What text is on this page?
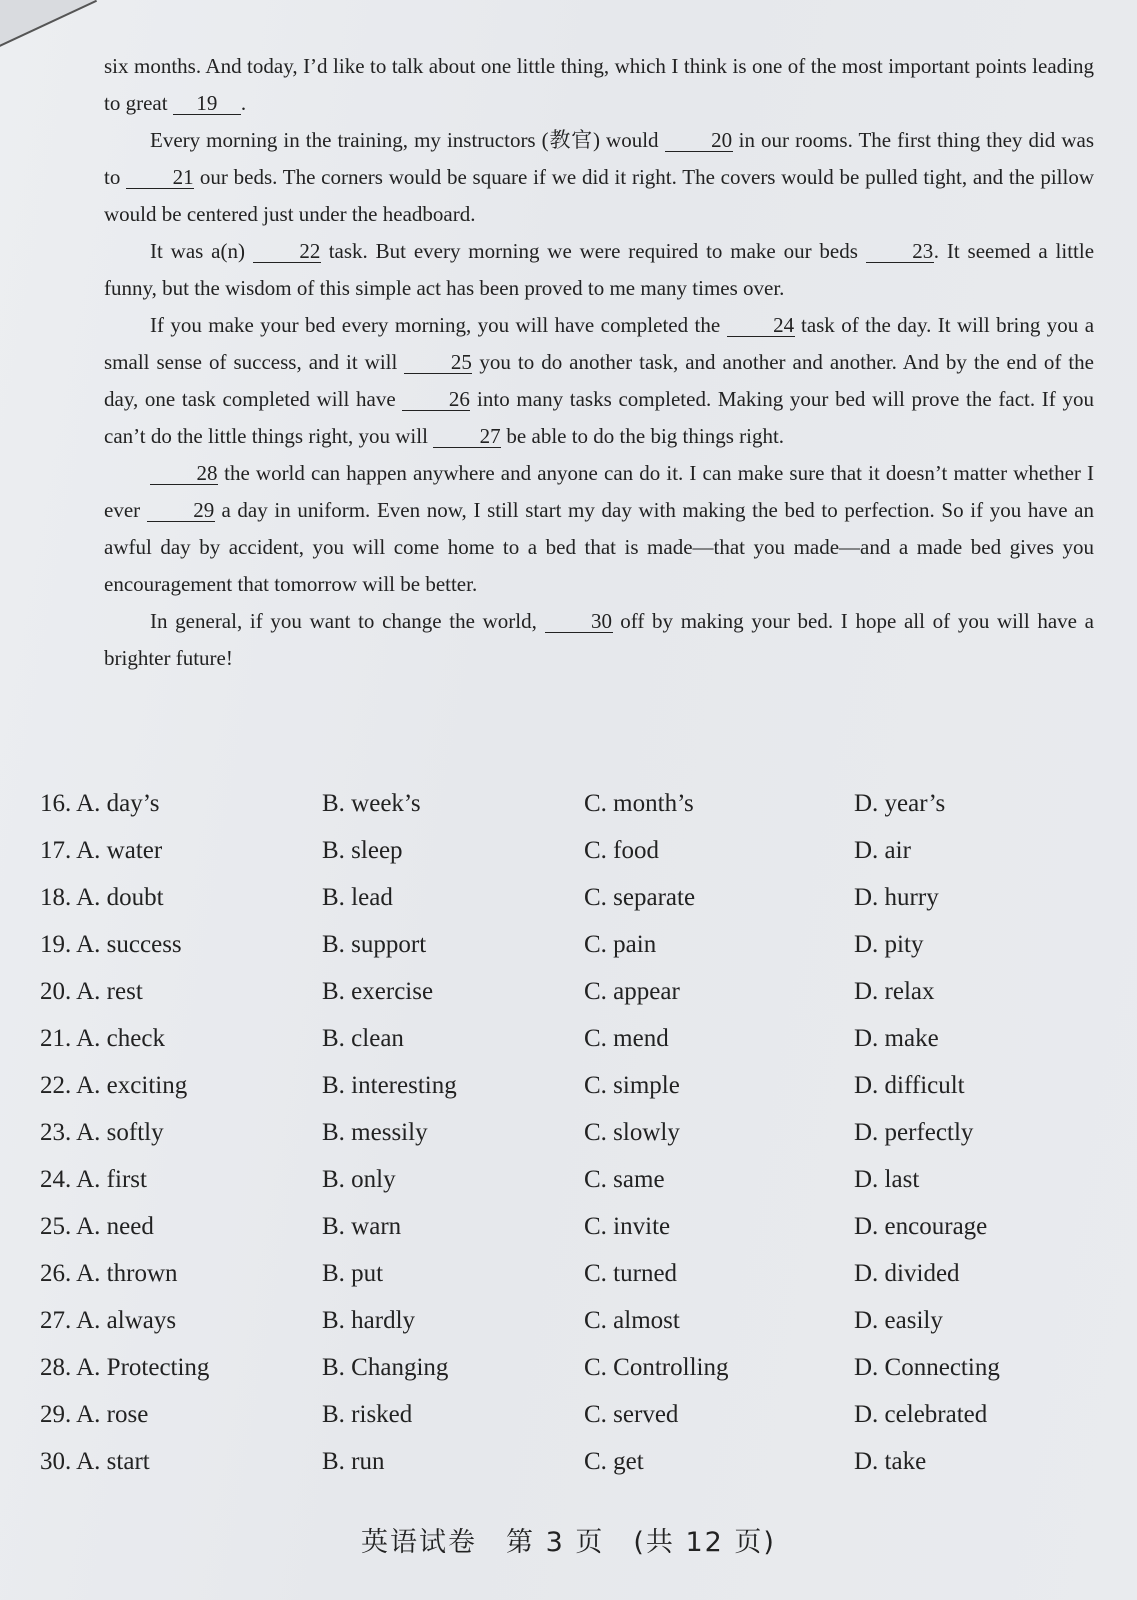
six months. And today, I’d like to talk about one little thing, which I think is one of the most important points leading to great 19 .

Every morning in the training, my instructors (教官) would	20 in our rooms. The first thing they did was to 21 our beds. The corners would be square if we did it right. The covers would be pulled tight, and the pillow would be centered just under the headboard.

It was a(n)	22 task. But every morning we were required to make our beds	23. It seemed a little funny, but the wisdom of this simple act has been proved to me many times over.

If you make your bed every morning, you will have completed the	24 task of the day. It will bring you a small sense of success, and it will	25 you to do another task, and another and another. And by the end of the day, one task completed will have	26 into many tasks completed. Making your bed will prove the fact. If you can’t do the little things right, you will 27 be able to do the big things right.

28 the world can happen anywhere and anyone can do it. I can make sure that it doesn’t matter whether I ever	29 a day in uniform. Even now, I still start my day with making the bed to perfection. So if you have an awful day by accident, you will come home to a bed that is made—that you made—and a made bed gives you encouragement that tomorrow will be better.

In general, if you want to change the world,	30 off by making your bed. I hope all of you will have a brighter future!

16. A. day’s	B. week’s	C. month’s	D. year’s
17. A. water	B. sleep	C. food	D. air
18. A. doubt	B. lead	C. separate	D. hurry
19. A. success	B. support	C. pain	D. pity
20. A. rest	B. exercise	C. appear	D. relax
21. A. check	B. clean	C. mend	D. make
22. A. exciting	B. interesting	C. simple	D. difficult
23. A. softly	B. messily	C. slowly	D. perfectly
24. A. first	B. only	C. same	D. last
25. A. need	B. warn	C. invite	D. encourage
26. A. thrown	B. put	C. turned	D. divided
27. A. always	B. hardly	C. almost	D. easily
28. A. Protecting	B. Changing	C. Controlling	D. Connecting
29. A. rose	B. risked	C. served	D. celebrated
30. A. start	B. run	C. get	D. take
英语试卷　第 3 页　(共 12 页)
